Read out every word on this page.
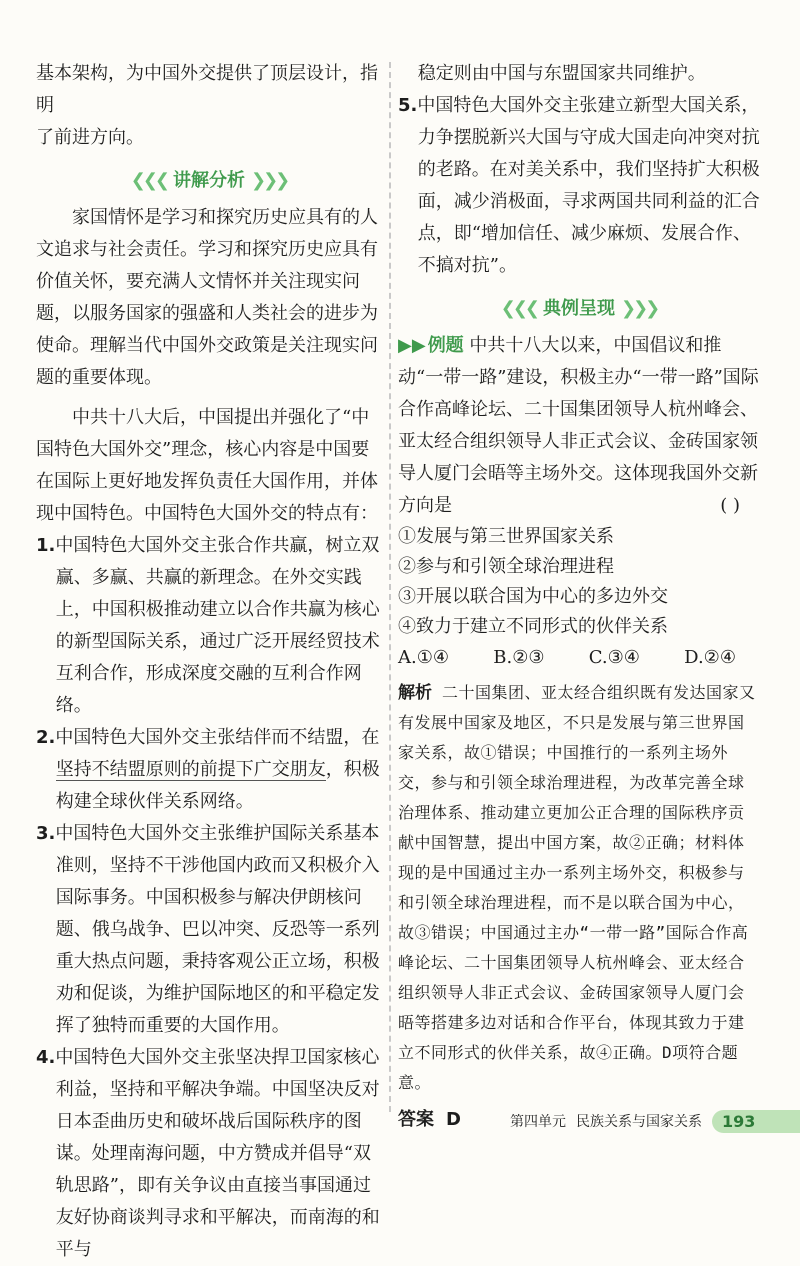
基本架构，为中国外交提供了顶层设计，指明

了前进方向。

❮❮❮ 讲解分析 ❯❯❯

家国情怀是学习和探究历史应具有的人文追求与社会责任。学习和探究历史应具有价值关怀，要充满人文情怀并关注现实问题，以服务国家的强盛和人类社会的进步为使命。理解当代中国外交政策是关注现实问题的重要体现。

中共十八大后，中国提出并强化了“中国特色大国外交”理念，核心内容是中国要在国际上更好地发挥负责任大国作用，并体现中国特色。中国特色大国外交的特点有：

1.中国特色大国外交主张合作共赢，树立双赢、多赢、共赢的新理念。在外交实践上，中国积极推动建立以合作共赢为核心的新型国际关系，通过广泛开展经贸技术互利合作，形成深度交融的互利合作网络。

2.中国特色大国外交主张结伴而不结盟，在坚持不结盟原则的前提下广交朋友，积极构建全球伙伴关系网络。

3.中国特色大国外交主张维护国际关系基本准则，坚持不干涉他国内政而又积极介入国际事务。中国积极参与解决伊朗核问题、俄乌战争、巴以冲突、反恐等一系列重大热点问题，秉持客观公正立场，积极劝和促谈，为维护国际地区的和平稳定发挥了独特而重要的大国作用。

4.中国特色大国外交主张坚决捍卫国家核心利益，坚持和平解决争端。中国坚决反对日本歪曲历史和破坏战后国际秩序的图谋。处理南海问题，中方赞成并倡导“双轨思路”，即有关争议由直接当事国通过友好协商谈判寻求和平解决，而南海的和平与

稳定则由中国与东盟国家共同维护。

5.中国特色大国外交主张建立新型大国关系，力争摆脱新兴大国与守成大国走向冲突对抗的老路。在对美关系中，我们坚持扩大积极面，减少消极面，寻求两国共同利益的汇合点，即“增加信任、减少麻烦、发展合作、不搞对抗”。

❮❮❮ 典例呈现 ❯❯❯

▶▶ 例题 中共十八大以来，中国倡议和推动“一带一路”建设，积极主办“一带一路”国际合作高峰论坛、二十国集团领导人杭州峰会、亚太经合组织领导人非正式会议、金砖国家领导人厦门会晤等主场外交。这体现我国外交新方向是	( )

①发展与第三世界国家关系

②参与和引领全球治理进程

③开展以联合国为中心的多边外交

④致力于建立不同形式的伙伴关系

A.①④ B.②③ C.③④ D.②④

解析 二十国集团、亚太经合组织既有发达国家又有发展中国家及地区，不只是发展与第三世界国家关系，故①错误；中国推行的一系列主场外交，参与和引领全球治理进程，为改革完善全球治理体系、推动建立更加公正合理的国际秩序贡献中国智慧，提出中国方案，故②正确；材料体现的是中国通过主办一系列主场外交，积极参与和引领全球治理进程，而不是以联合国为中心，故③错误；中国通过主办“一带一路”国际合作高峰论坛、二十国集团领导人杭州峰会、亚太经合组织领导人非正式会议、金砖国家领导人厦门会晤等搭建多边对话和合作平台，体现其致力于建立不同形式的伙伴关系，故④正确。D项符合题意。

答案 D	第四单元 民族关系与国家关系	193
